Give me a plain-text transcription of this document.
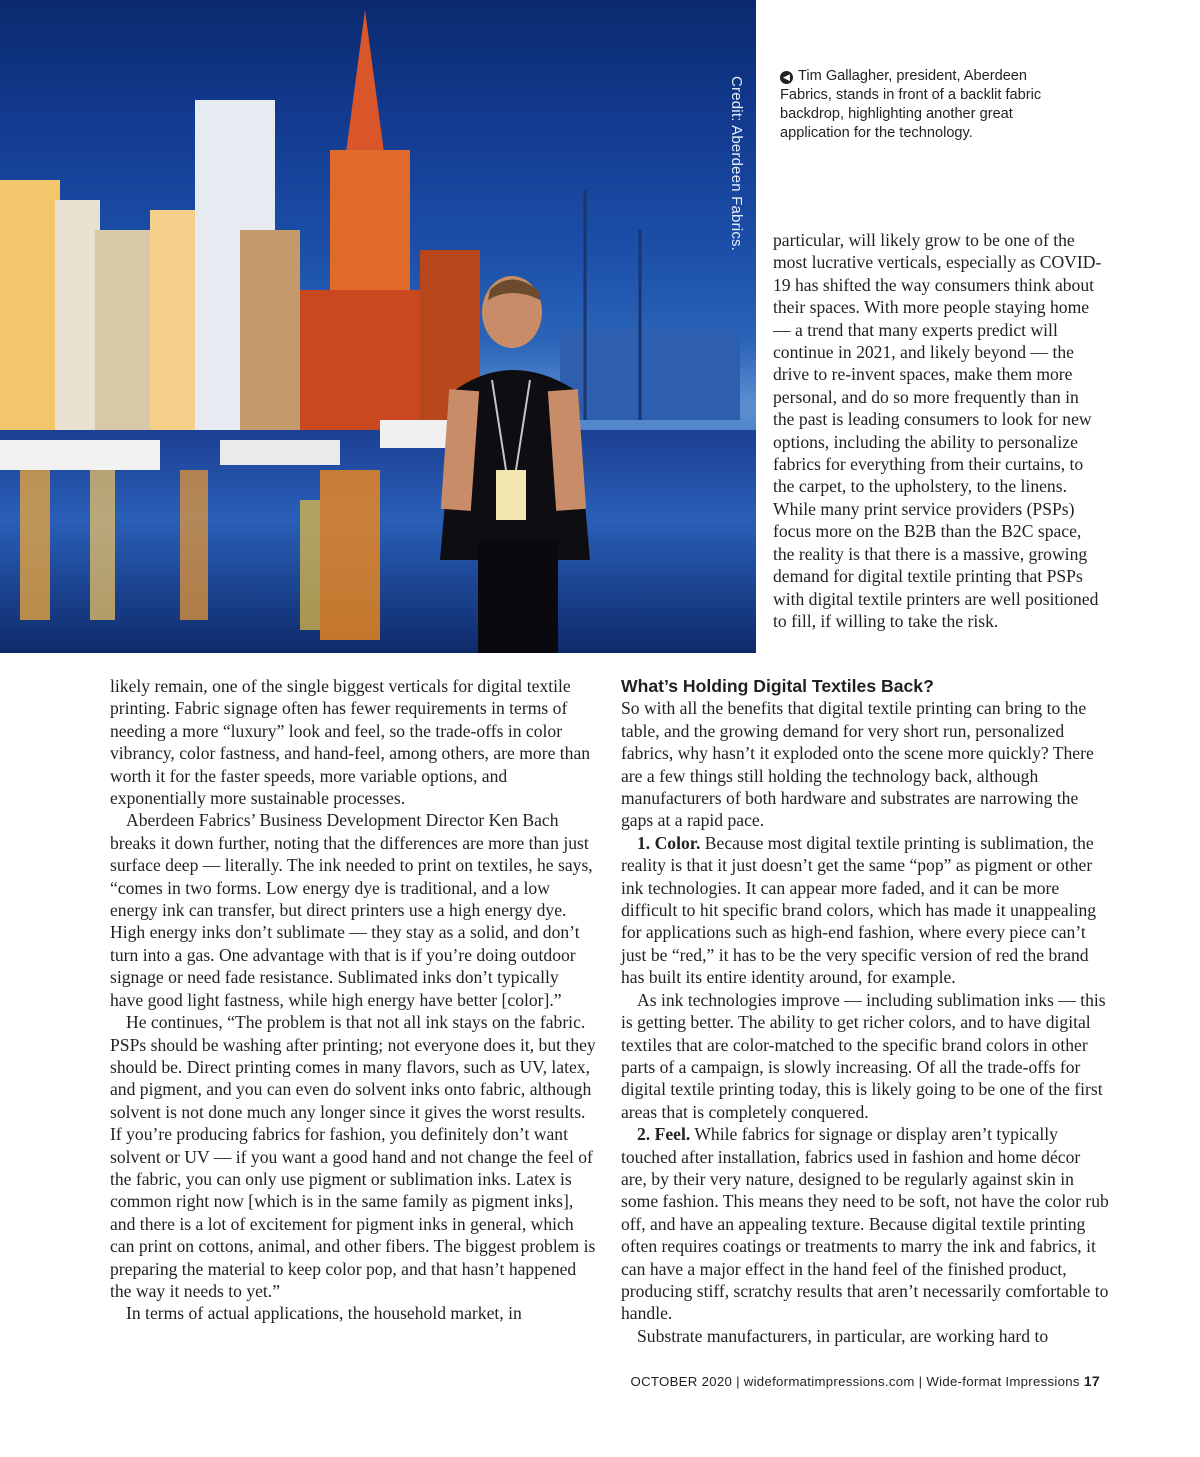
Credit: Aberdeen Fabrics.	◀ Tim Gallagher, president, Aberdeen Fabrics, stands in front of a backlit fabric backdrop, highlighting another great application for the technology.

particular, will likely grow to be one of the most lucrative verticals, especially as COVID-19 has shifted the way consumers think about their spaces. With more people staying home — a trend that many experts predict will continue in 2021, and likely beyond — the drive to re-invent spaces, make them more personal, and do so more frequently than in the past is leading consumers to look for new options, including the ability to personalize fabrics for everything from their curtains, to the carpet, to the upholstery, to the linens. While many print service providers (PSPs) focus more on the B2B than the B2C space, the reality is that there is a massive, growing demand for digital textile printing that PSPs with digital textile printers are well positioned to fill, if willing to take the risk.

likely remain, one of the single biggest verticals for digital textile printing. Fabric signage often has fewer requirements in terms of needing a more “luxury” look and feel, so the trade-offs in color vibrancy, color fastness, and hand-feel, among others, are more than worth it for the faster speeds, more variable options, and exponentially more sustainable processes.

Aberdeen Fabrics’ Business Development Director Ken Bach breaks it down further, noting that the differences are more than just surface deep — literally. The ink needed to print on textiles, he says, “comes in two forms. Low energy dye is traditional, and a low energy ink can transfer, but direct printers use a high energy dye. High energy inks don’t sublimate — they stay as a solid, and don’t turn into a gas. One advantage with that is if you’re doing outdoor signage or need fade resistance. Sublimated inks don’t typically have good light fastness, while high energy have better [color].”

He continues, “The problem is that not all ink stays on the fabric. PSPs should be washing after printing; not everyone does it, but they should be. Direct printing comes in many flavors, such as UV, latex, and pigment, and you can even do solvent inks onto fabric, although solvent is not done much any longer since it gives the worst results. If you’re producing fabrics for fashion, you definitely don’t want solvent or UV — if you want a good hand and not change the feel of the fabric, you can only use pigment or sublimation inks. Latex is common right now [which is in the same family as pigment inks], and there is a lot of excitement for pigment inks in general, which can print on cottons, animal, and other fibers. The biggest problem is preparing the material to keep color pop, and that hasn’t happened the way it needs to yet.”

In terms of actual applications, the household market, in

What’s Holding Digital Textiles Back?

So with all the benefits that digital textile printing can bring to the table, and the growing demand for very short run, personalized fabrics, why hasn’t it exploded onto the scene more quickly? There are a few things still holding the technology back, although manufacturers of both hardware and substrates are narrowing the gaps at a rapid pace.

1. Color. Because most digital textile printing is sublimation, the reality is that it just doesn’t get the same “pop” as pigment or other ink technologies. It can appear more faded, and it can be more difficult to hit specific brand colors, which has made it unappealing for applications such as high-end fashion, where every piece can’t just be “red,” it has to be the very specific version of red the brand has built its entire identity around, for example.

As ink technologies improve — including sublimation inks — this is getting better. The ability to get richer colors, and to have digital textiles that are color-matched to the specific brand colors in other parts of a campaign, is slowly increasing. Of all the trade-offs for digital textile printing today, this is likely going to be one of the first areas that is completely conquered.

2. Feel. While fabrics for signage or display aren’t typically touched after installation, fabrics used in fashion and home décor are, by their very nature, designed to be regularly against skin in some fashion. This means they need to be soft, not have the color rub off, and have an appealing texture. Because digital textile printing often requires coatings or treatments to marry the ink and fabrics, it can have a major effect in the hand feel of the finished product, producing stiff, scratchy results that aren’t necessarily comfortable to handle.

Substrate manufacturers, in particular, are working hard to

OCTOBER 2020 | wideformatimpressions.com | Wide-format Impressions 17
